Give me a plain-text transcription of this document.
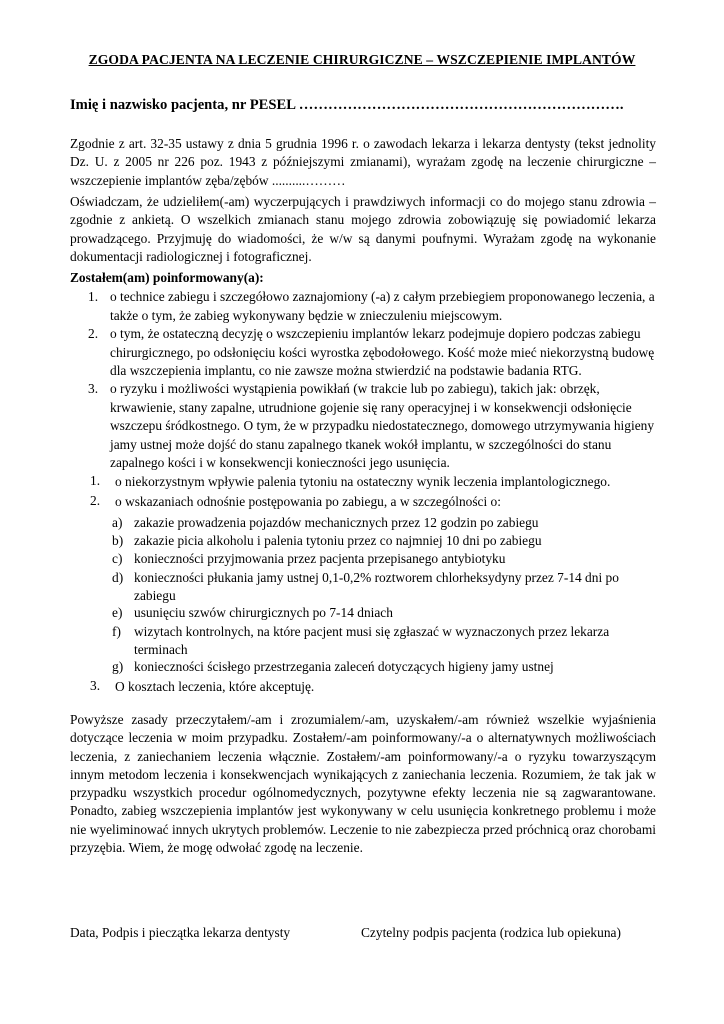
ZGODA PACJENTA NA LECZENIE CHIRURGICZNE – WSZCZEPIENIE IMPLANTÓW
Imię i nazwisko pacjenta, nr PESEL ………………………………………………………….

Zgodnie z art. 32-35 ustawy z dnia 5 grudnia 1996 r. o zawodach lekarza i lekarza dentysty (tekst jednolity Dz. U. z 2005 nr 226 poz. 1943 z późniejszymi zmianami), wyrażam zgodę na leczenie chirurgiczne – wszczepienie implantów zęba/zębów ..........………

Oświadczam, że udzieliłem(-am) wyczerpujących i prawdziwych informacji co do mojego stanu zdrowia – zgodnie z ankietą. O wszelkich zmianach stanu mojego zdrowia zobowiązuję się powiadomić lekarza prowadzącego. Przyjmuję do wiadomości, że w/w są danymi poufnymi. Wyrażam zgodę na wykonanie dokumentacji radiologicznej i fotograficznej.

Zostałem(am) poinformowany(a):
1. o technice zabiegu i szczegółowo zaznajomiony (-a) z całym przebiegiem proponowanego leczenia, a także o tym, że zabieg wykonywany będzie w znieczuleniu miejscowym.
2. o tym, że ostateczną decyzję o wszczepieniu implantów lekarz podejmuje dopiero podczas zabiegu chirurgicznego, po odsłonięciu kości wyrostka zębodołowego. Kość może mieć niekorzystną budowę dla wszczepienia implantu, co nie zawsze można stwierdzić na podstawie badania RTG.
3. o ryzyku i możliwości wystąpienia powikłań (w trakcie lub po zabiegu), takich jak: obrzęk, krwawienie, stany zapalne, utrudnione gojenie się rany operacyjnej i w konsekwencji odsłonięcie wszczepu śródkostnego. O tym, że w przypadku niedostatecznego, domowego utrzymywania higieny jamy ustnej może dojść do stanu zapalnego tkanek wokół implantu, w szczególności do stanu zapalnego kości i w konsekwencji konieczności jego usunięcia.
1. o niekorzystnym wpływie palenia tytoniu na ostateczny wynik leczenia implantologicznego.
2. o wskazaniach odnośnie postępowania po zabiegu, a w szczególności o:
a) zakazie prowadzenia pojazdów mechanicznych przez 12 godzin po zabiegu
b) zakazie picia alkoholu i palenia tytoniu przez co najmniej 10 dni po zabiegu
c) konieczności przyjmowania przez pacjenta przepisanego antybiotyku
d) konieczności płukania jamy ustnej 0,1-0,2% roztworem chlorheksydyny przez 7-14 dni po zabiegu
e) usunięciu szwów chirurgicznych po 7-14 dniach
f) wizytach kontrolnych, na które pacjent musi się zgłaszać w wyznaczonych przez lekarza terminach
g) konieczności ścisłego przestrzegania zaleceń dotyczących higieny jamy ustnej
3. O kosztach leczenia, które akceptuję.

Powyższe zasady przeczytałem/-am i zrozumialem/-am, uzyskałem/-am również wszelkie wyjaśnienia dotyczące leczenia w moim przypadku. Zostałem/-am poinformowany/-a o alternatywnych możliwościach leczenia, z zaniechaniem leczenia włącznie. Zostałem/-am poinformowany/-a o ryzyku towarzyszącym innym metodom leczenia i konsekwencjach wynikających z zaniechania leczenia. Rozumiem, że tak jak w przypadku wszystkich procedur ogólnomedycznych, pozytywne efekty leczenia nie są zagwarantowane. Ponadto, zabieg wszczepienia implantów jest wykonywany w celu usunięcia konkretnego problemu i może nie wyeliminować innych ukrytych problemów. Leczenie to nie zabezpiecza przed próchnicą oraz chorobami przyzębia. Wiem, że mogę odwołać zgodę na leczenie.

Data, Podpis i pieczątka lekarza dentysty	Czytelny podpis pacjenta (rodzica lub opiekuna)
